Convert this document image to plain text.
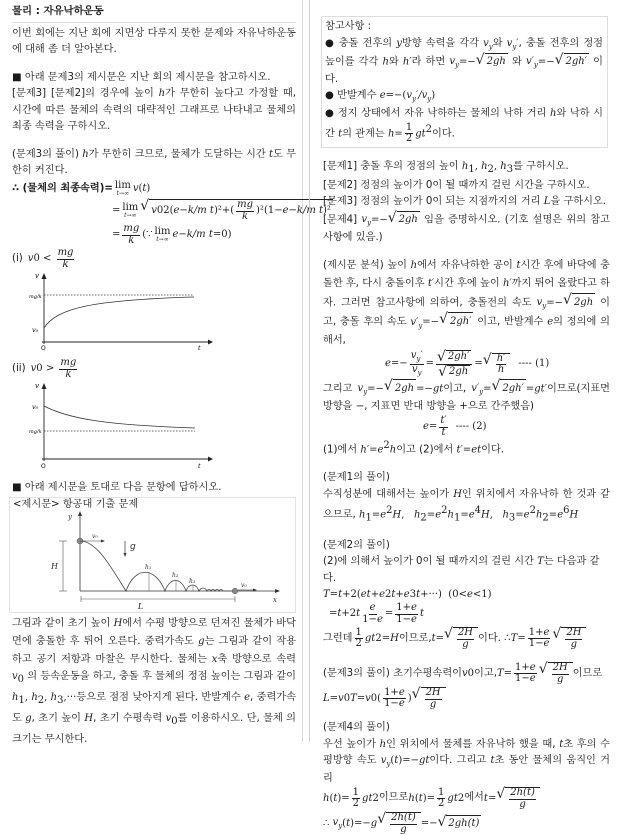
물리 : 자유낙하운동
이번 회에는 지난 회에 지면상 다루지 못한 문제와 자유낙하운동에 대해 좀 더 알아본다.
■ 아래 문제3의 제시문은 지난 회의 제시문을 참고하시오.
[문제3] [문제2]의 경우에 높이 h가 무한히 높다고 가정할 때, 시간에 따른 물체의 속력의 대략적인 그래프로 나타내고 물체의 최종 속력을 구하시오.
(문제3의 풀이) h가 무한히 크므로, 물체가 도달하는 시간 t도 무한히 커진다.
∴ (물체의 최종속력)= lim
t→∞ v ( t )
= lim
t→∞
√ v 0 2 ( e −k/m t )$^2+( \frac{mg}{k} )^2(1- e -k/m$ t )²
= $\frac{mg}{k}$ (∵ lim
t→∞ e −k/m t =0)
(i) v $0 < \frac{mg}{k}$
v
mg/k
v₀
O	t
(ii) v $0 > \frac{mg}{k}$
v
v₀
mg/k
O	t
■ 아래 제시문을 토대로 다음 문항에 답하시오.
<제시문> 항공대 기출 문제
y
x
H
v₀
g
h₁
h₂
h₃
v₀
L
그림과 같이 초기 높이 H에서 수평 방향으로 던져진 물체가 바닥면에 충돌한 후 튀어 오른다. 중력가속도 g는 그림과 같이 작용하고 공기 저항과 마찰은 무시한다. 물체는 x축 방향으로 속력 $v_0$ 의 등속운동을 하고, 충돌 후 물체의 정점 높이는 그림과 같이 $h_1$, $h_2$, $h_3,\cdot\cdot\cdot$등으로 점점 낮아지게 된다. 반발계수 e, 중력가속도 g, 초기 높이 H, 초기 수평속력 $v_0$를 이용하시오. 단, 물체 의 크기는 무시한다.
참고사항 :
● 충돌 전후의 y방향 속력을 각각 $v_y$와 $v_y'$, 충돌 전후의 정점 높이를 각각 h와 h′라 하면 $v_y=-$ √ 2gh 와 $v'_y=-$ √ 2gh′ 이다.
● 반발계수 $e=-(v_y'/v_y)$
● 정지 상태에서 자유 낙하하는 물체의 낙하 거리 h와 낙하 시간 t의 관계는 $h= \frac{1}{2} gt^2$이다.
[문제1] 충돌 후의 정점의 높이 $h_1$, $h_2$, $h_3$를 구하시오.
[문제2] 정점의 높이가 0이 될 때까지 걸린 시간을 구하시오.
[문제3] 정점의 높이가 0이 되는 지점까지의 거리 L을 구하시오.
[문제4] $v_y=-$ √ 2gh 임을 증명하시오. (기호 설명은 위의 참고사항에 있음.)
(제시문 분석) 높이 h에서 자유낙하한 공이 t시간 후에 바닥에 충돌한 후, 다시 충돌이후 t′시간 후에 높이 h′까지 튀어 올랐다고 하자. 그러면 참고사항에 의하여, 충돌전의 속도 $v_y=-$ √ 2gh 이고, 충돌 후의 속도 $v'_y=-$ √ 2gh′ 이고, 반발계수 e의 정의에 의해서,
$e =- \frac{v_y'}{v_y} = \frac{√ 2gh'}{√ 2gh}$ = √ $\frac{h'}{h}$ ---- (1)
그리고 $v_y=-$ √ 2gh =−gt이고, $v'_y=$ √ 2gh′ =gt′이므로(지표면 방향을 −, 지표면 반대 방향을 +으로 간주했음)
$e = \frac{t'}{t}$ ---- (2)
(1)에서 $h'=e^2h$이고 (2)에서 t′=et이다.
(문제1의 풀이)
수직성분에 대해서는 높이가 H인 위치에서 자유낙하 한 것과 같으므로, $h_1=e^2H$,   $h_2=e^2h_1=e^4H$,   $h_3=e^2h_2=e^6H$
(문제2의 풀이)
(2)에 의해서 높이가 0이 될 때까지의 걸린 시간 T는 다음과 같다.
T = t +2( et + e 2 t + e 3 t +···)  (0< e <1)
= t +2 t $\frac{e}{1-e} = \frac{1+e}{1-e}$ t
그런데 $\frac{1}{2}$ gt 2 = H 이므로, t = √ $\frac{2H}{g}$ 이다. ∴ $T = \frac{1+e}{1-e}$ √ $\frac{2H}{g}$
(문제3의 풀이) 초기수평속력이 v 0 이고, $T = \frac{1+e}{1-e}$ √ $\frac{2H}{g}$ 이므로
L = v 0 T = v 0 ( $\frac{1+e}{1-e}$ ) √ $\frac{2H}{g}$
(문제4의 풀이)
우선 높이가 h인 위치에서 물체를 자유낙하 했을 때, t초 후의 수평방향 속도 $v_y(t)=-gt$이다. 그리고 t초 동안 물체의 움직인 거리
h ( t )= $\frac{1}{2}$ gt 2 이므로 h ( t )= $\frac{1}{2}$ gt 2 에서 t = √ $\frac{2h(t)}{g}$
∴ $v_y$ ( t )=− g √ $\frac{2h(t)}{g}$ =− √ 2gh(t)
